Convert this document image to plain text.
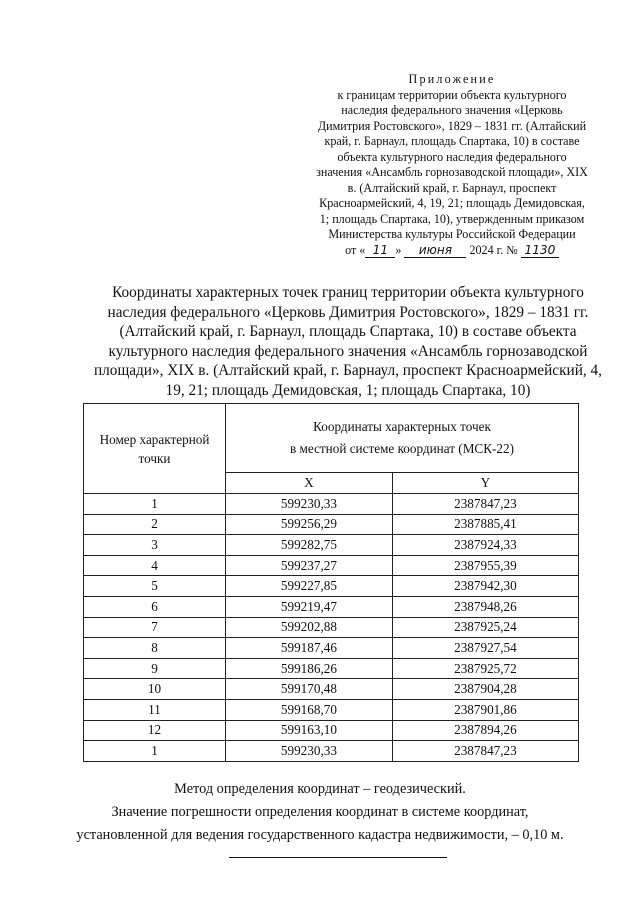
Приложение
к границам территории объекта культурного наследия федерального значения «Церковь Димитрия Ростовского», 1829 – 1831 гг. (Алтайский край, г. Барнаул, площадь Спартака, 10) в составе объекта культурного наследия федерального значения «Ансамбль горнозаводской площади», XIX в. (Алтайский край, г. Барнаул, проспект Красноармейский, 4, 19, 21; площадь Демидовская, 1; площадь Спартака, 10), утвержденным приказом Министерства культуры Российской Федерации
от « 11 » июня 2024 г. № 1130
Координаты характерных точек границ территории объекта культурного наследия федерального «Церковь Димитрия Ростовского», 1829 – 1831 гг. (Алтайский край, г. Барнаул, площадь Спартака, 10) в составе объекта культурного наследия федерального значения «Ансамбль горнозаводской площади», XIX в. (Алтайский край, г. Барнаул, проспект Красноармейский, 4, 19, 21; площадь Демидовская, 1; площадь Спартака, 10)
Номер характерной точки	Координаты характерных точек
в местной системе координат (МСК-22)	

	X	Y
1	599230,33	2387847,23
2	599256,29	2387885,41
3	599282,75	2387924,33
4	599237,27	2387955,39
5	599227,85	2387942,30
6	599219,47	2387948,26
7	599202,88	2387925,24
8	599187,46	2387927,54
9	599186,26	2387925,72
10	599170,48	2387904,28
11	599168,70	2387901,86
12	599163,10	2387894,26
1	599230,33	2387847,23
Метод определения координат – геодезический.
Значение погрешности определения координат в системе координат,
установленной для ведения государственного кадастра недвижимости, – 0,10 м.
